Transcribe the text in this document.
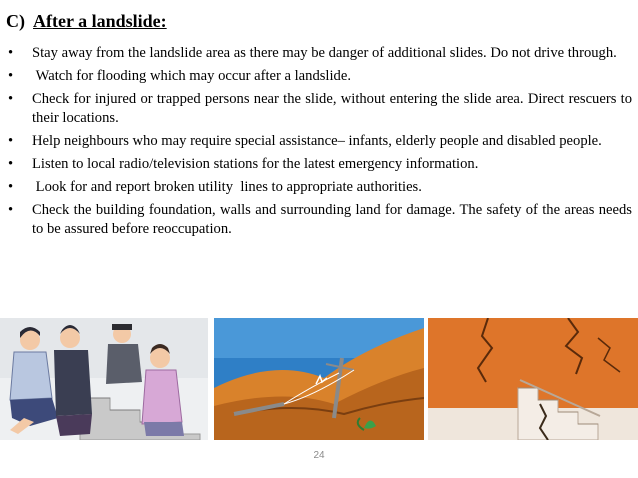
C) After a landslide:
•	Stay away from the landslide area as there may be danger of additional slides. Do not drive through.
•	Watch for flooding which may occur after a landslide.
•	Check for injured or trapped persons near the slide, without entering the slide area. Direct rescuers to their locations.
•	Help neighbours who may require special assistance– infants, elderly people and disabled people.
•	Listen to local radio/television stations for the latest emergency information.
•	Look for and report broken utility  lines to appropriate authorities.
•	Check the building foundation, walls and surrounding land for damage. The safety of the areas needs to be assured before reoccupation.
24
